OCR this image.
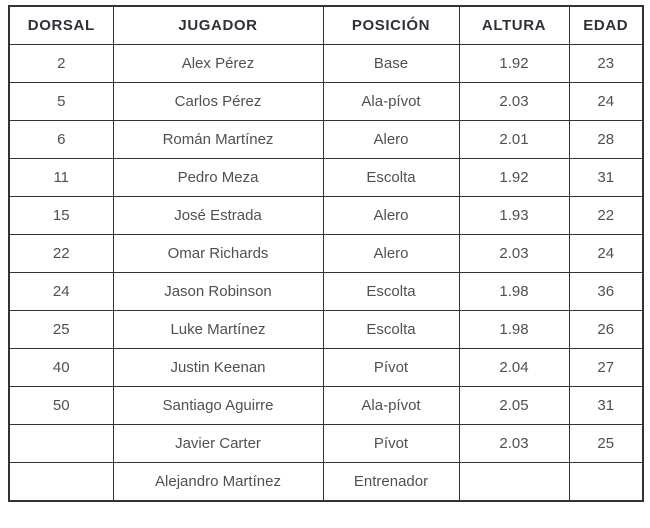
DORSAL	JUGADOR	POSICIÓN	ALTURA	EDAD
2	Alex Pérez	Base	1.92	23
5	Carlos Pérez	Ala-pívot	2.03	24
6	Román Martínez	Alero	2.01	28
11	Pedro Meza	Escolta	1.92	31
15	José Estrada	Alero	1.93	22
22	Omar Richards	Alero	2.03	24
24	Jason Robinson	Escolta	1.98	36
25	Luke Martínez	Escolta	1.98	26
40	Justin Keenan	Pívot	2.04	27
50	Santiago Aguirre	Ala-pívot	2.05	31
	Javier Carter	Pívot	2.03	25
	Alejandro Martínez	Entrenador		
